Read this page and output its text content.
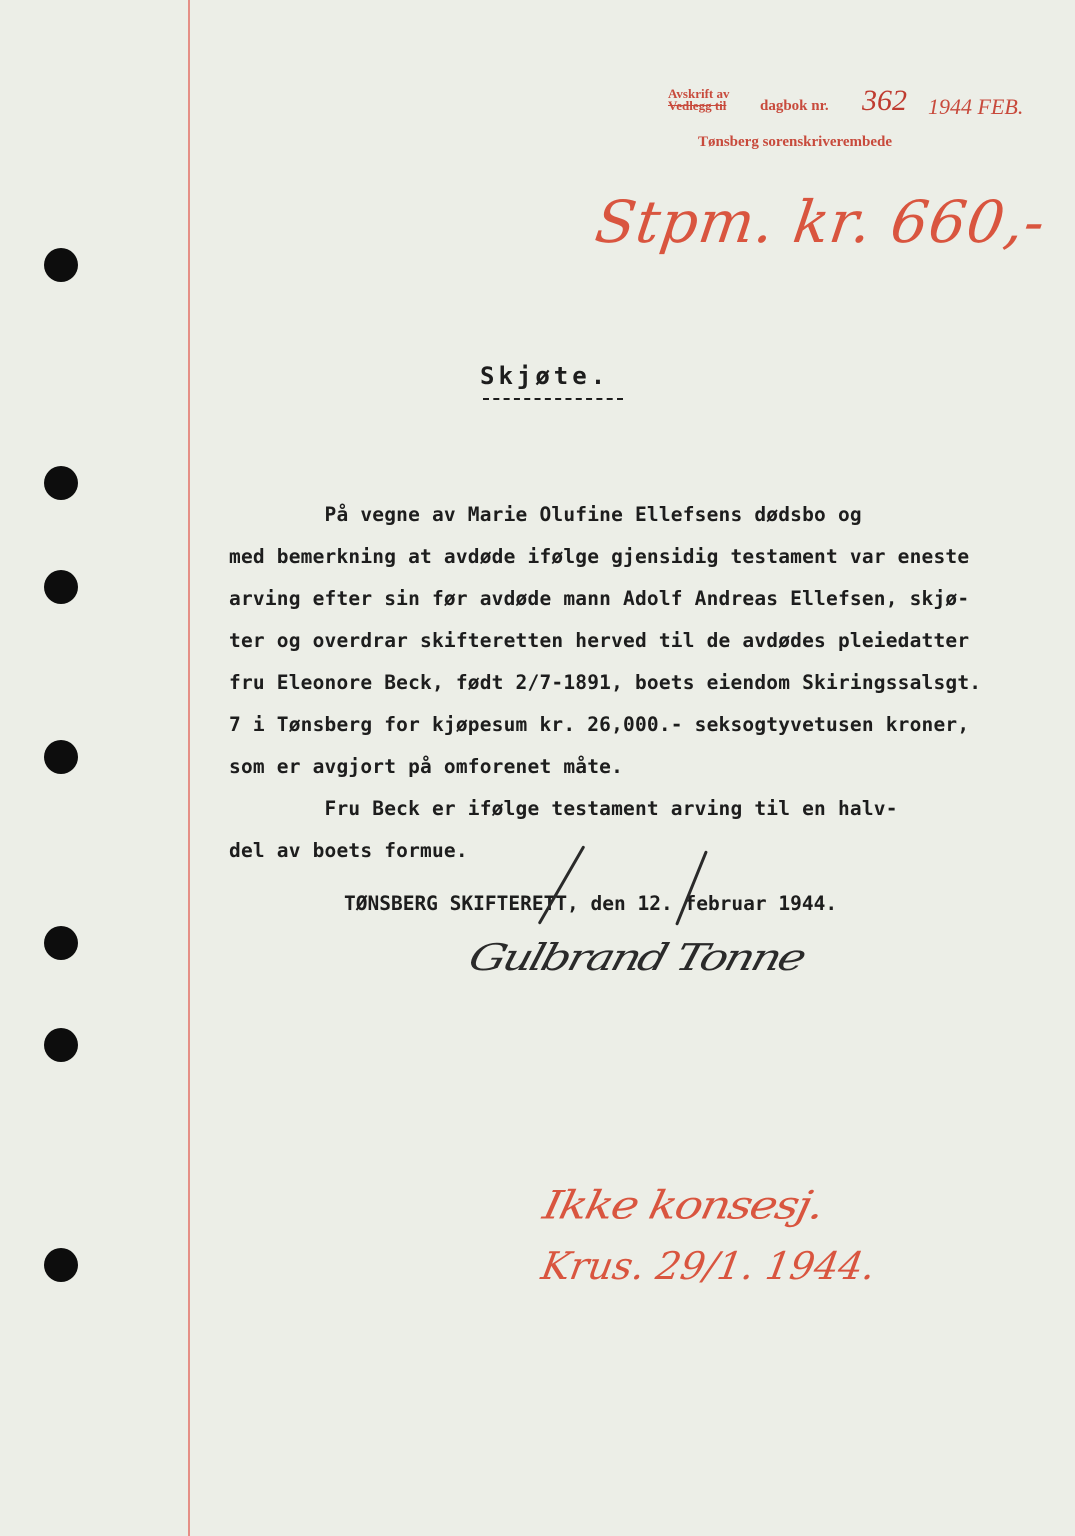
Avskrift av
Vedlegg til dagbok nr. 362 1944 FEB.
Tønsberg sorenskriverembede
Stpm. kr. 660,-
Skjøte.

På vegne av Marie Olufine Ellefsens dødsbo og

med bemerkning at avdøde ifølge gjensidig testament var eneste

arving efter sin før avdøde mann Adolf Andreas Ellefsen, skjø-

ter og overdrar skifteretten herved til de avdødes pleiedatter

fru Eleonore Beck, født 2/7-1891, boets eiendom Skiringssalsgt.

7 i Tønsberg for kjøpesum kr. 26,000.- seksogtyvetusen kroner,

som er avgjort på omforenet måte.

Fru Beck er ifølge testament arving til en halv-

del av boets formue.

TØNSBERG SKIFTERETT, den 12. februar 1944.
Gulbrand Tonne
Ikke konsesj.
Krus. 29/1. 1944.
